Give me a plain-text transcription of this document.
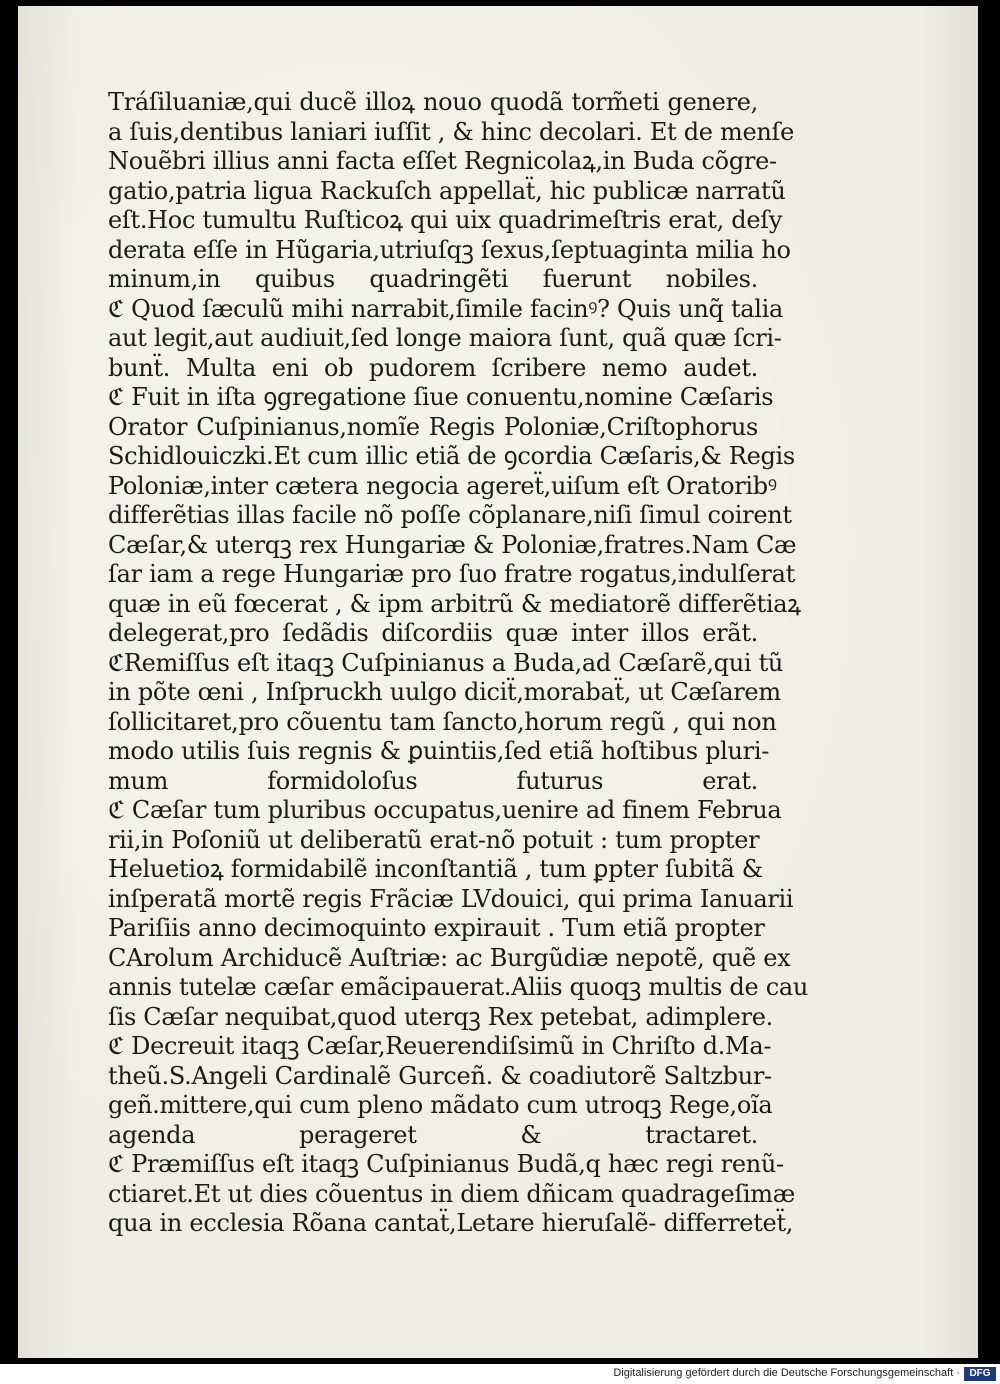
Tráſiluaniæ,qui ducẽ illoꝝ nouo quodã torm̃eti genere,
a ſuis,dentibus laniari iuſſit , & hinc decolari. Et de menſe
Nouẽbri illius anni facta eſſet Regnicolaꝝ,in Buda cõgre-
gatio,patria ligua Rackuſch appellaẗ, hic publicæ narratũ
eſt.Hoc tumultu Ruſticoꝝ qui uix quadrimeſtris erat, deſy
derata eſſe in Hũgaria,utriuſqꝫ ſexus,ſeptuaginta milia ho
minum,in quibus quadringẽti fuerunt nobiles.
ℭ Quod ſæculũ mihi narrabit,ſimile facinꝰ? Quis unq̃ talia
aut legit,aut audiuit,ſed longe maiora ſunt, quã quæ ſcri-
bunẗ. Multa eni ob pudorem ſcribere nemo audet.
ℭ Fuit in iſta ꝯgregatione ſiue conuentu,nomine Cæſaris
Orator Cuſpinianus,nomĩe Regis Poloniæ,Criſtophorus
Schidlouiczki.Et cum illic etiã de ꝯcordia Cæſaris,& Regis
Poloniæ,inter cætera negocia agereẗ,uiſum eſt Oratoribꝰ
differẽtias illas facile nõ poſſe cõplanare,niſi ſimul coirent
Cæſar,& uterqꝫ rex Hungariæ & Poloniæ,fratres.Nam Cæ
ſar iam a rege Hungariæ pro ſuo fratre rogatus,indulſerat
quæ in eũ fœcerat , & ipm arbitrũ & mediatorẽ differẽtiaꝝ
delegerat,pro ſedãdis diſcordiis quæ inter illos erãt.
ℭRemiſſus eſt itaqꝫ Cuſpinianus a Buda,ad Cæſarẽ,qui tũ
in põte œni , Inſpruckh uulgo diciẗ,morabaẗ, ut Cæſarem
ſollicitaret,pro cõuentu tam ſancto,horum regũ , qui non
modo utilis ſuis regnis & ꝑuintiis,ſed etiã hoſtibus pluri-
mum formidoloſus futurus erat.
ℭ Cæſar tum pluribus occupatus,uenire ad finem Februa
rii,in Poſoniũ ut deliberatũ erat-nõ potuit : tum propter
Heluetioꝝ formidabilẽ inconſtantiã , tum ꝑpter ſubitã &
inſperatã mortẽ regis Frãciæ LVdouici, qui prima Ianuarii
Pariſiis anno decimoquinto expirauit . Tum etiã propter
CArolum Archiducẽ Auſtriæ: ac Burgũdiæ nepotẽ, quẽ ex
annis tutelæ cæſar emãcipauerat.Aliis quoqꝫ multis de cau
ſis Cæſar nequibat,quod uterqꝫ Rex petebat, adimplere.
ℭ Decreuit itaqꝫ Cæſar,Reuerendiſsimũ in Chriſto d.Ma-
theũ.S.Angeli Cardinalẽ Gurceñ. & coadiutorẽ Saltzbur-
geñ.mittere,qui cum pleno mãdato cum utroqꝫ Rege,oĩa
agenda perageret & tractaret.
ℭ Præmiſſus eſt itaqꝫ Cuſpinianus Budã,q hæc regi renũ-
ctiaret.Et ut dies cõuentus in diem dñicam quadrageſimæ
qua in ecclesia Rõana cantaẗ,Letare hieruſalẽ- differreteẗ,
Digitalisierung gefördert durch die Deutsche Forschungsgemeinschaft · DFG
